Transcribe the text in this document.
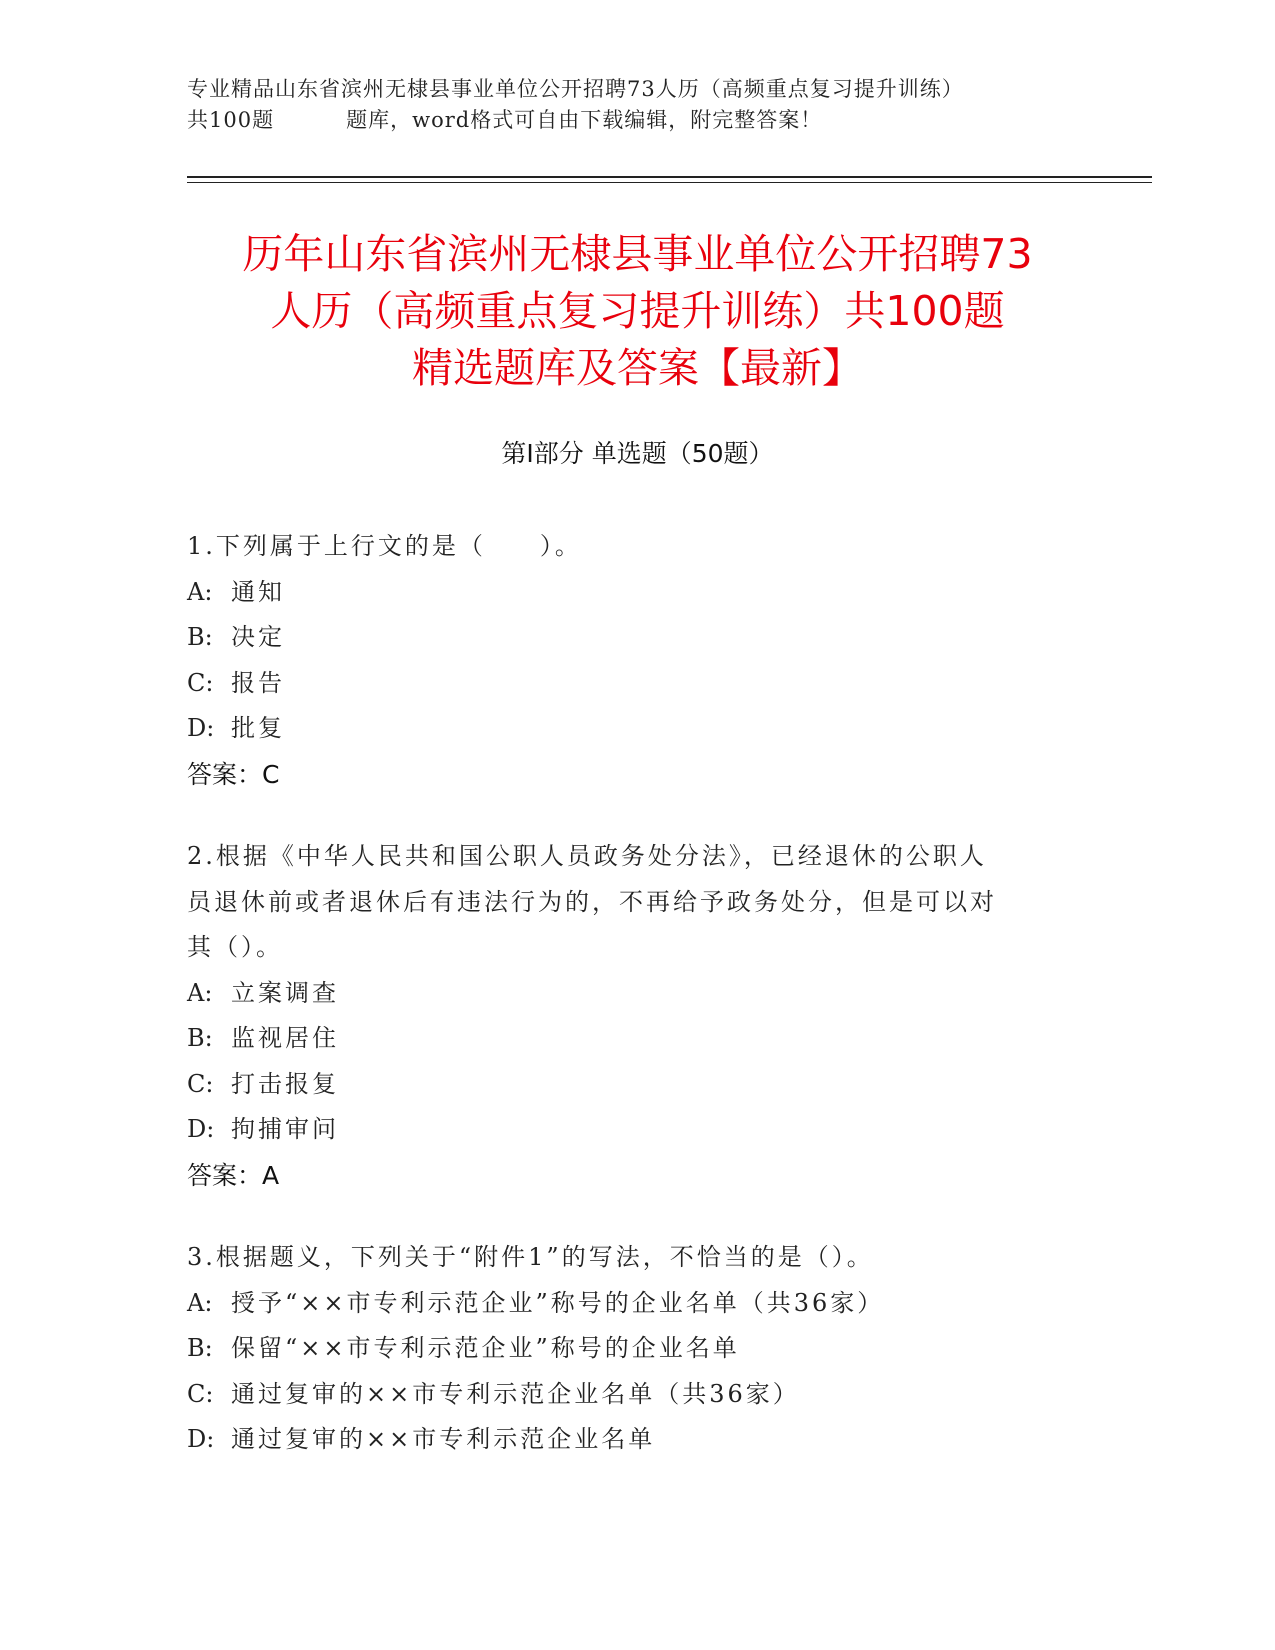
专业精品山东省滨州无棣县事业单位公开招聘73人历（高频重点复习提升训练）
共100题	题库，word格式可自由下载编辑，附完整答案！
历年山东省滨州无棣县事业单位公开招聘73
人历（高频重点复习提升训练）共100题
精选题库及答案【最新】
第I部分 单选题（50题）
1.下列属于上行文的是（　　）。
A: 通知
B: 决定
C: 报告
D: 批复
答案：C
2.根据《中华人民共和国公职人员政务处分法》，已经退休的公职人
员退休前或者退休后有违法行为的，不再给予政务处分，但是可以对
其（）。
A: 立案调查
B: 监视居住
C: 打击报复
D: 拘捕审问
答案：A
3.根据题义，下列关于“附件1”的写法，不恰当的是（）。
A: 授予“××市专利示范企业”称号的企业名单（共36家）
B: 保留“××市专利示范企业”称号的企业名单
C: 通过复审的××市专利示范企业名单（共36家）
D: 通过复审的××市专利示范企业名单
